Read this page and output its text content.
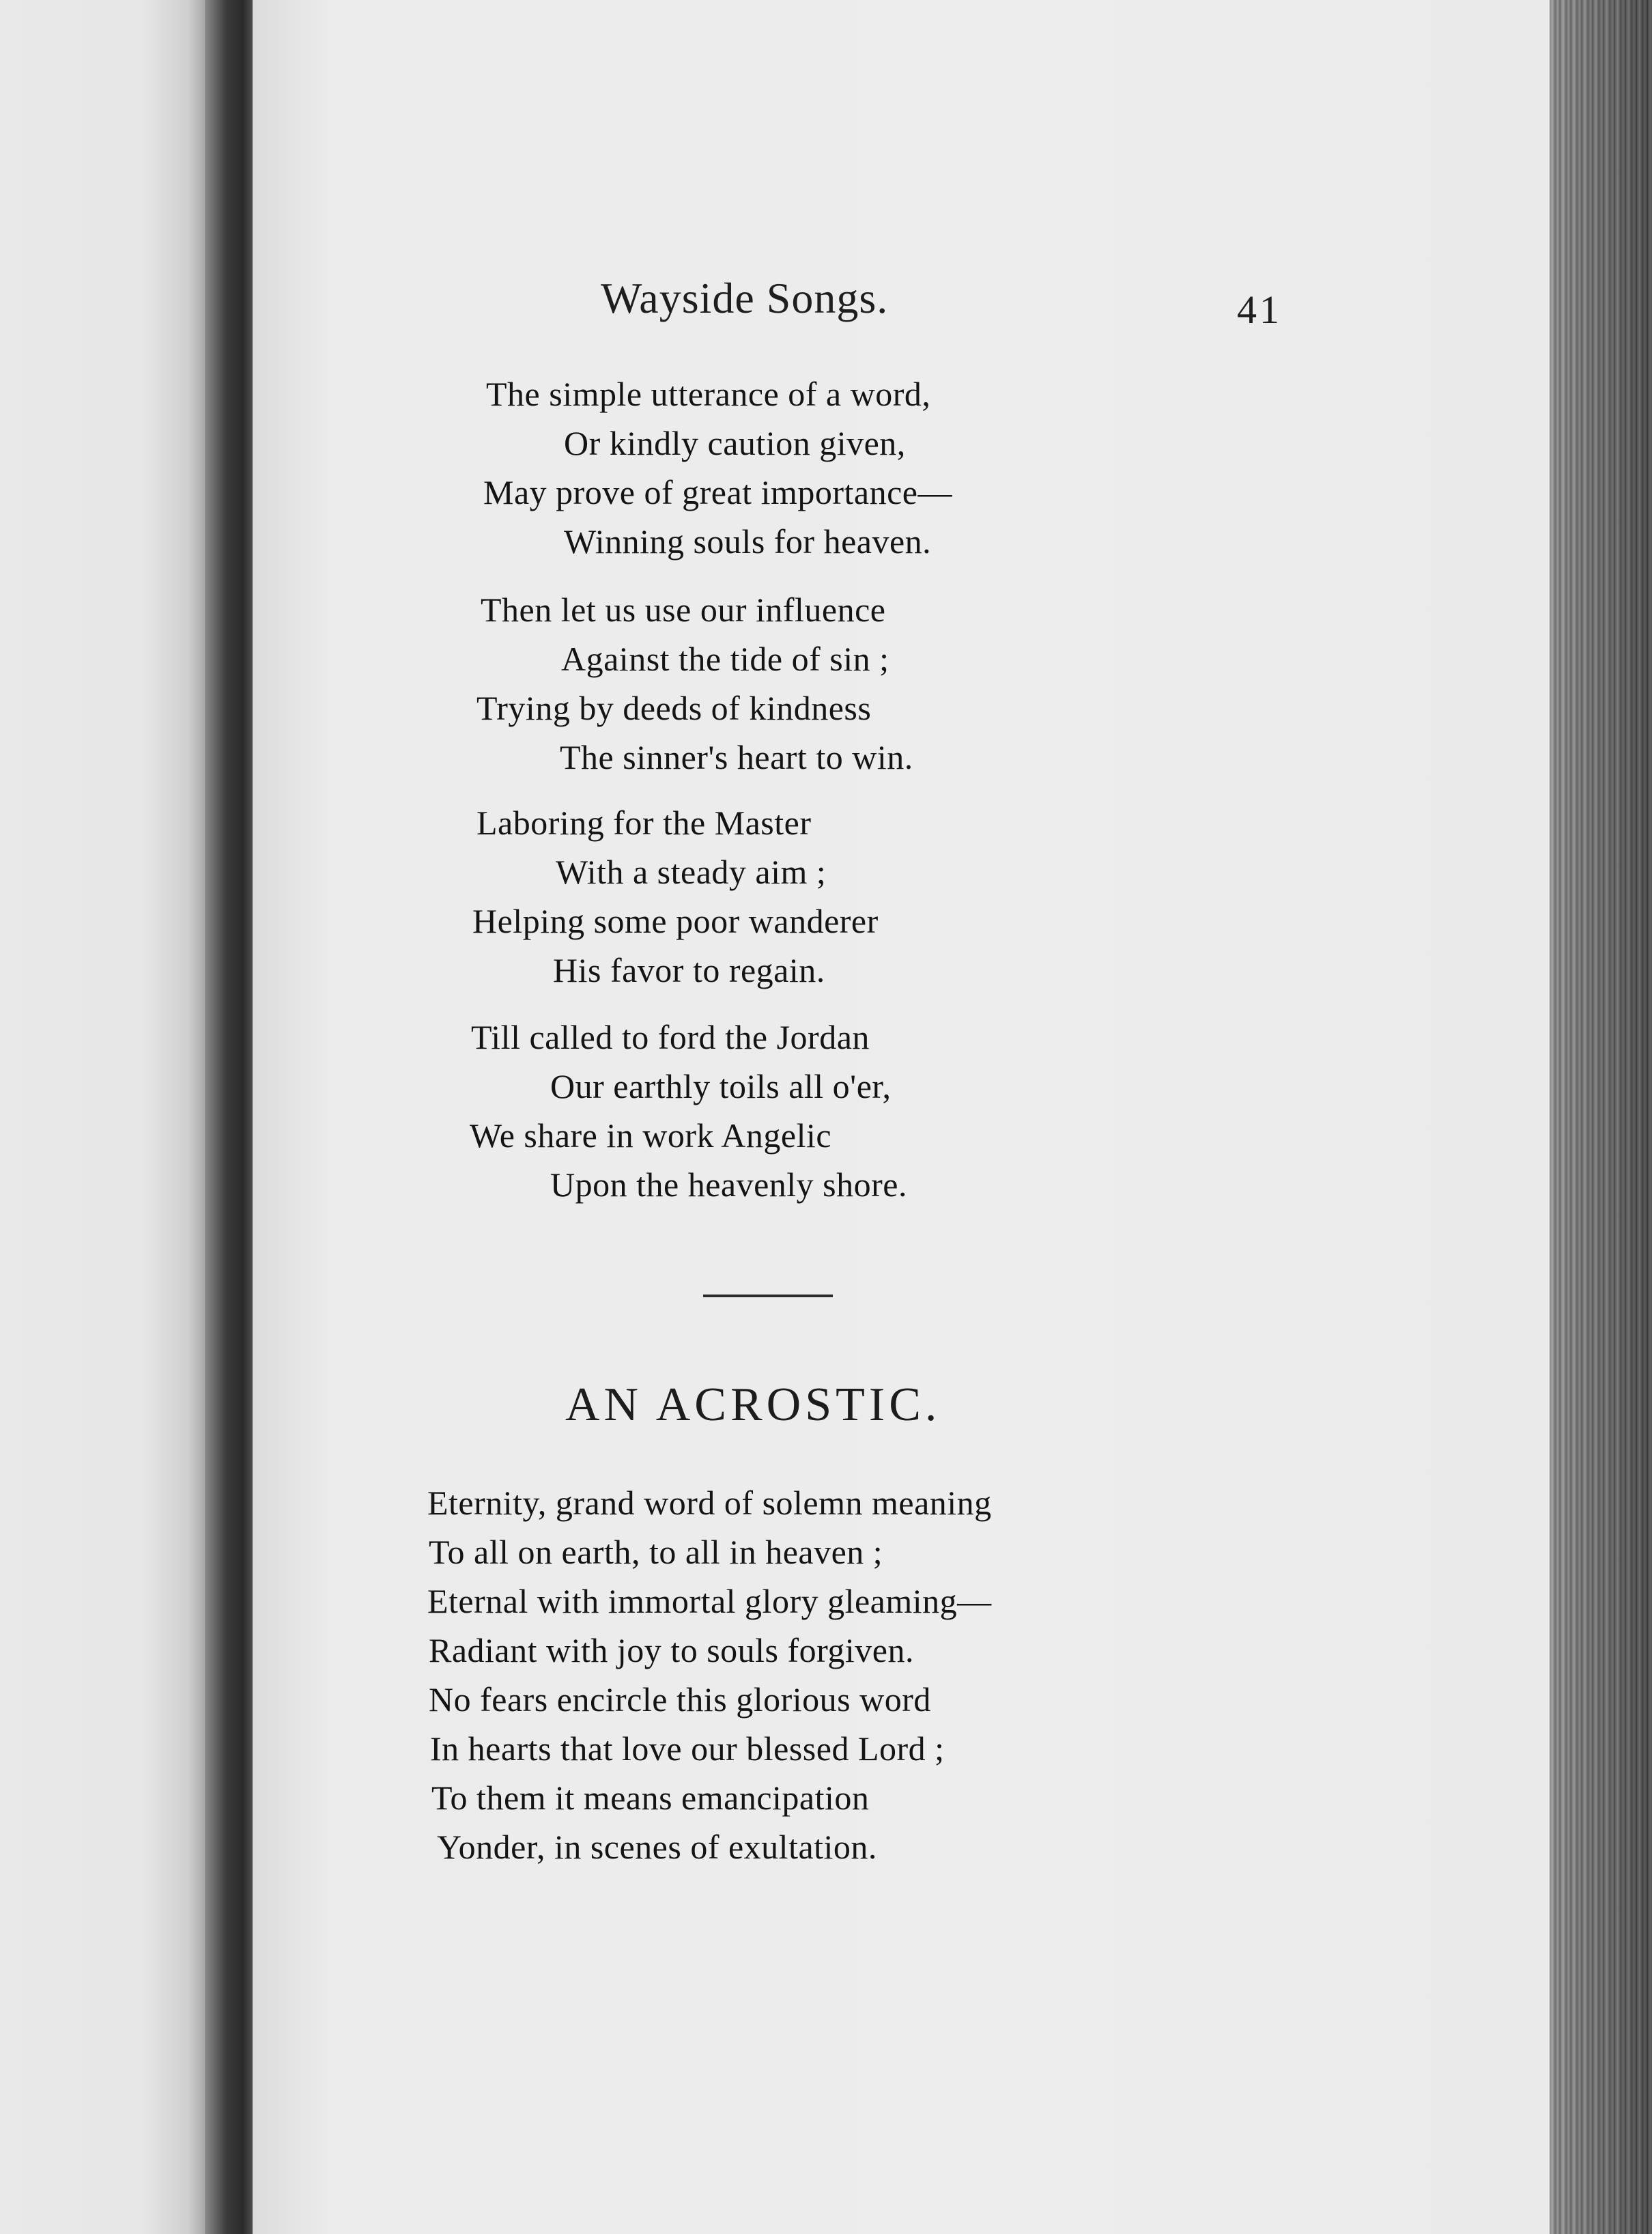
Wayside Songs.	41
The simple utterance of a word,
Or kindly caution given,
May prove of great importance—
Winning souls for heaven.
Then let us use our influence
Against the tide of sin ;
Trying by deeds of kindness
The sinner's heart to win.
Laboring for the Master
With a steady aim ;
Helping some poor wanderer
His favor to regain.
Till called to ford the Jordan
Our earthly toils all o'er,
We share in work Angelic
Upon the heavenly shore.
AN ACROSTIC.
Eternity, grand word of solemn meaning
To all on earth, to all in heaven ;
Eternal with immortal glory gleaming—
Radiant with joy to souls forgiven.
No fears encircle this glorious word
In hearts that love our blessed Lord ;
To them it means emancipation
Yonder, in scenes of exultation.
